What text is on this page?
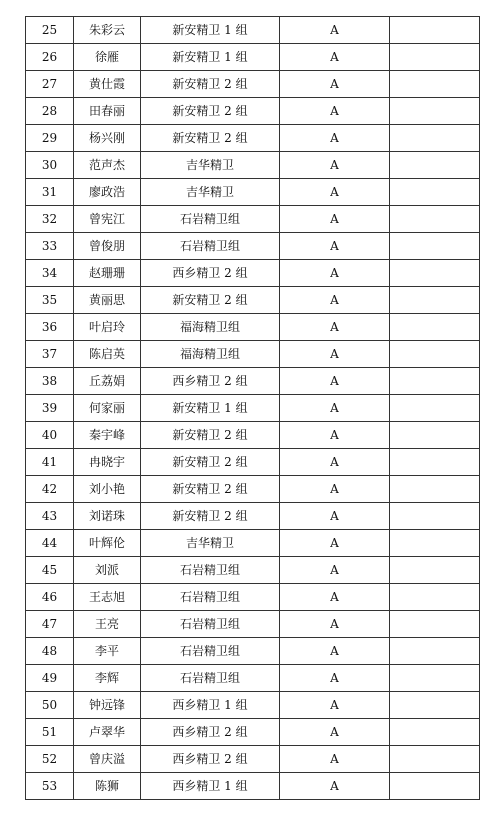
25	朱彩云	新安精卫 1 组	A	
26	徐雁	新安精卫 1 组	A	
27	黄仕霞	新安精卫 2 组	A	
28	田春丽	新安精卫 2 组	A	
29	杨兴刚	新安精卫 2 组	A	
30	范声杰	吉华精卫	A	
31	廖政浩	吉华精卫	A	
32	曾宪江	石岩精卫组	A	
33	曾俊朋	石岩精卫组	A	
34	赵珊珊	西乡精卫 2 组	A	
35	黄丽思	新安精卫 2 组	A	
36	叶启玲	福海精卫组	A	
37	陈启英	福海精卫组	A	
38	丘荔娟	西乡精卫 2 组	A	
39	何家丽	新安精卫 1 组	A	
40	秦宇峰	新安精卫 2 组	A	
41	冉晓宇	新安精卫 2 组	A	
42	刘小艳	新安精卫 2 组	A	
43	刘诺珠	新安精卫 2 组	A	
44	叶辉伦	吉华精卫	A	
45	刘派	石岩精卫组	A	
46	王志旭	石岩精卫组	A	
47	王亮	石岩精卫组	A	
48	李平	石岩精卫组	A	
49	李辉	石岩精卫组	A	
50	钟远锋	西乡精卫 1 组	A	
51	卢翠华	西乡精卫 2 组	A	
52	曾庆溢	西乡精卫 2 组	A	
53	陈狮	西乡精卫 1 组	A	
